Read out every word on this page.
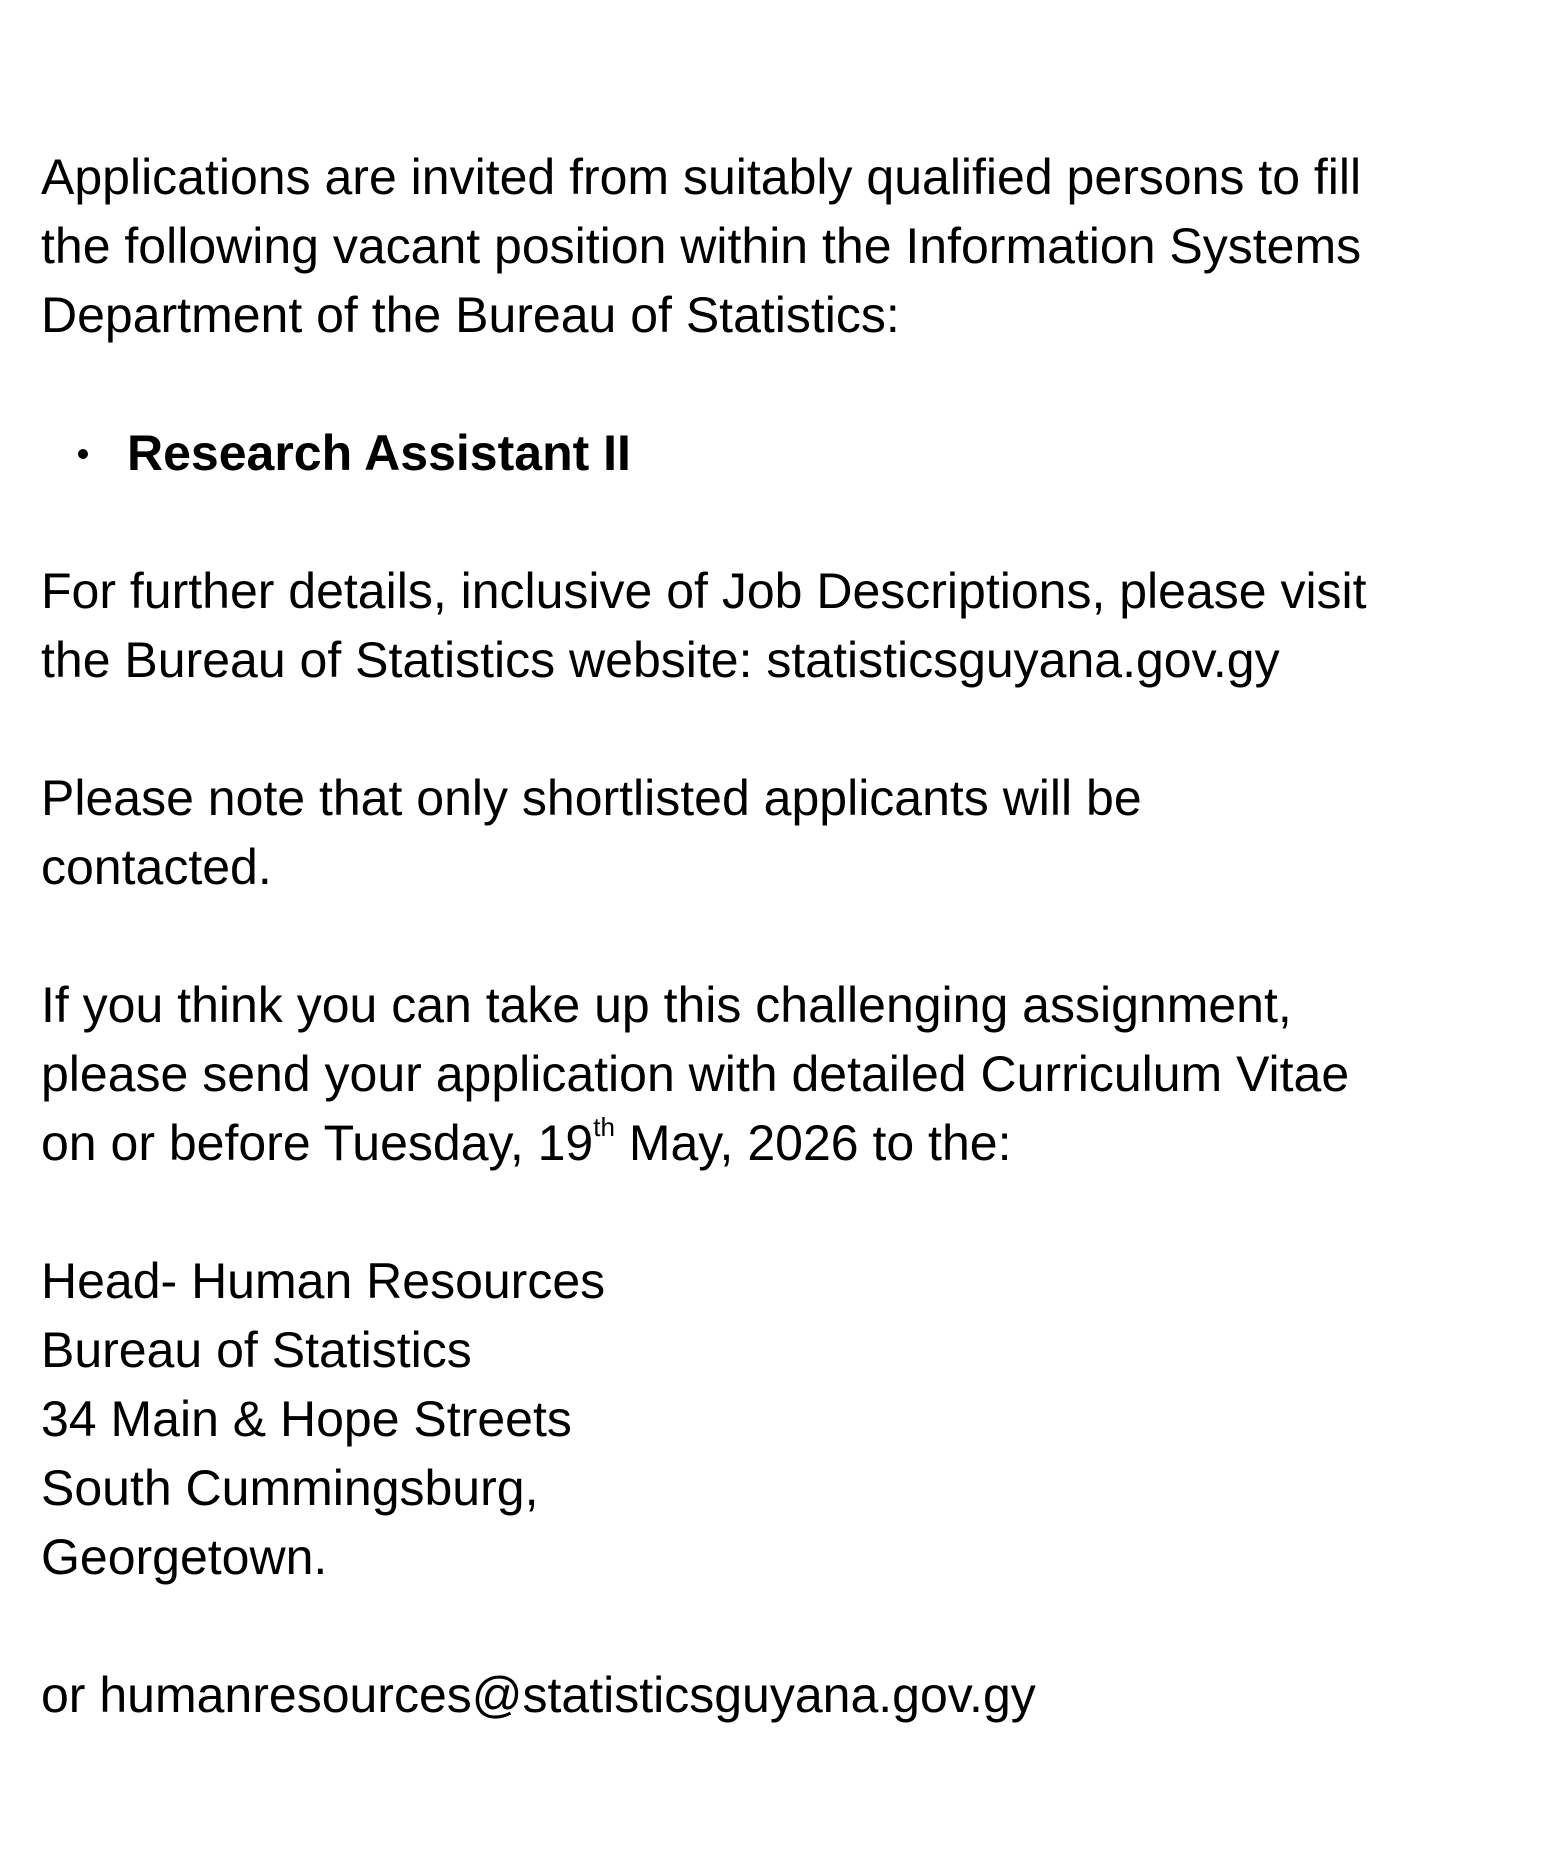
Applications are invited from suitably qualified persons to fill
the following vacant position within the Information Systems
Department of the Bureau of Statistics:

Research Assistant II

For further details, inclusive of Job Descriptions, please visit
the Bureau of Statistics website: statisticsguyana.gov.gy

Please note that only shortlisted applicants will be
contacted.

If you think you can take up this challenging assignment,
please send your application with detailed Curriculum Vitae
on or before Tuesday, 19th May, 2026 to the:

Head- Human Resources
Bureau of Statistics
34 Main & Hope Streets
South Cummingsburg,
Georgetown.

or humanresources@statisticsguyana.gov.gy
